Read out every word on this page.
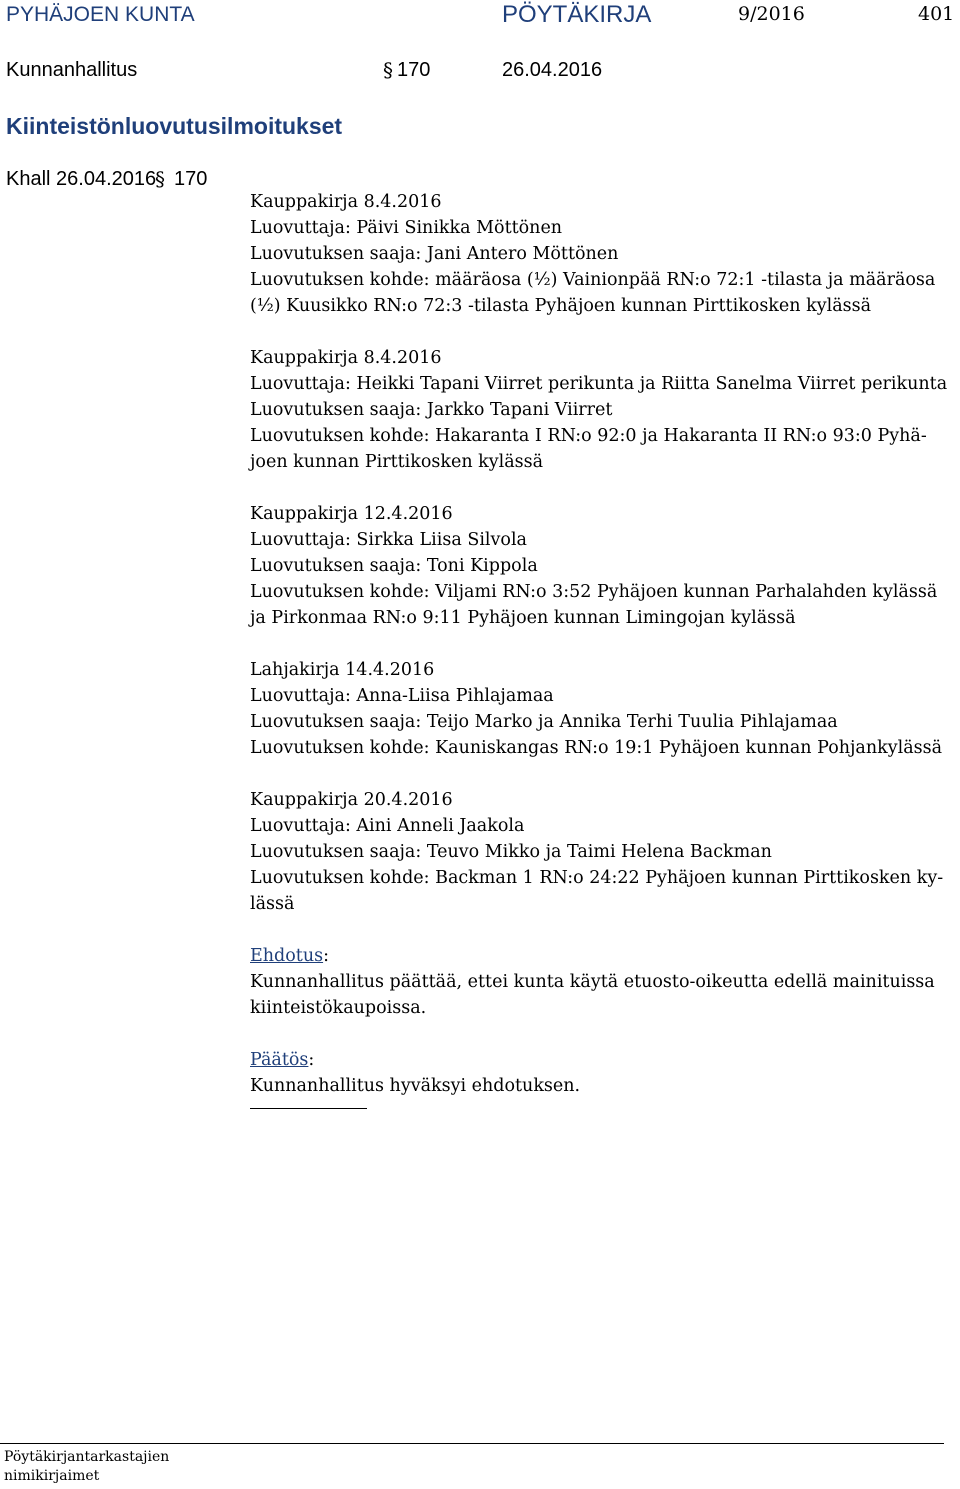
PYHÄJOEN KUNTA	PÖYTÄKIRJA	9/2016	401
Kunnanhallitus	§ 170	26.04.2016
Kiinteistönluovutusilmoitukset
Khall 26.04.2016
§ 170
Kauppakirja 8.4.2016
Luovuttaja: Päivi Sinikka Möttönen
Luovutuksen saaja: Jani Antero Möttönen
Luovutuksen kohde: määräosa (¹⁄₂) Vainionpää RN:o 72:1 -tilasta ja määräosa
(¹⁄₂) Kuusikko RN:o 72:3 -tilasta Pyhäjoen kunnan Pirttikosken kylässä
Kauppakirja 8.4.2016
Luovuttaja: Heikki Tapani Viirret perikunta ja Riitta Sanelma Viirret perikunta
Luovutuksen saaja: Jarkko Tapani Viirret
Luovutuksen kohde: Hakaranta I RN:o 92:0 ja Hakaranta II RN:o 93:0 Pyhä-
joen kunnan Pirttikosken kylässä
Kauppakirja 12.4.2016
Luovuttaja: Sirkka Liisa Silvola
Luovutuksen saaja: Toni Kippola
Luovutuksen kohde: Viljami RN:o 3:52 Pyhäjoen kunnan Parhalahden kylässä
ja Pirkonmaa RN:o 9:11 Pyhäjoen kunnan Limingojan kylässä
Lahjakirja 14.4.2016
Luovuttaja: Anna-Liisa Pihlajamaa
Luovutuksen saaja: Teijo Marko ja Annika Terhi Tuulia Pihlajamaa
Luovutuksen kohde: Kauniskangas RN:o 19:1 Pyhäjoen kunnan Pohjankylässä
Kauppakirja 20.4.2016
Luovuttaja: Aini Anneli Jaakola
Luovutuksen saaja: Teuvo Mikko ja Taimi Helena Backman
Luovutuksen kohde: Backman 1 RN:o 24:22 Pyhäjoen kunnan Pirttikosken ky-
lässä
Ehdotus:
Kunnanhallitus päättää, ettei kunta käytä etuosto-oikeutta edellä mainituissa
kiinteistökaupoissa.
Päätös:
Kunnanhallitus hyväksyi ehdotuksen.
Pöytäkirjantarkastajien
nimikirjaimet
